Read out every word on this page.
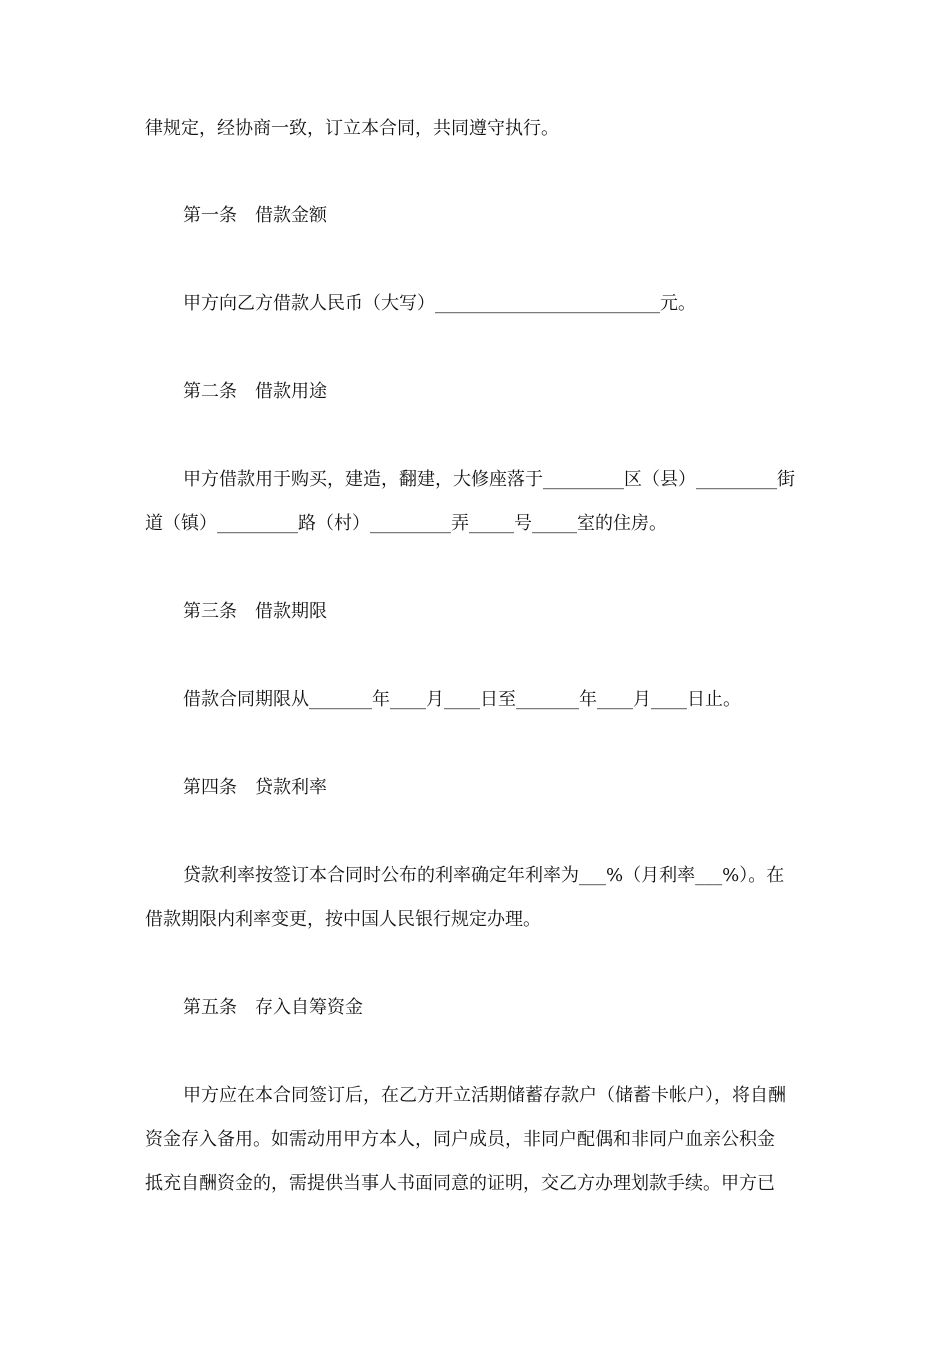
律规定，经协商一致，订立本合同，共同遵守执行。
第一条 借款金额
甲方向乙方借款人民币（大写）_________________________元。
第二条 借款用途
甲方借款用于购买，建造，翻建，大修座落于_________区（县）_________街
道（镇）_________路（村）_________弄_____号_____室的住房。
第三条 借款期限
借款合同期限从_______年____月____日至_______年____月____日止。
第四条 贷款利率
贷款利率按签订本合同时公布的利率确定年利率为___%（月利率___%）。在
借款期限内利率变更，按中国人民银行规定办理。
第五条 存入自筹资金
甲方应在本合同签订后，在乙方开立活期储蓄存款户（储蓄卡帐户），将自酬
资金存入备用。如需动用甲方本人，同户成员，非同户配偶和非同户血亲公积金
抵充自酬资金的，需提供当事人书面同意的证明，交乙方办理划款手续。甲方已
